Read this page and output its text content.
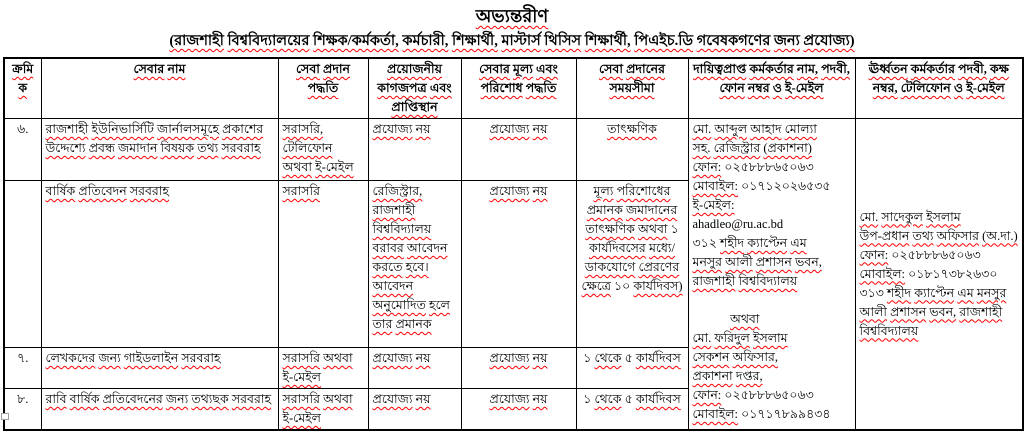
অভ্যন্তরীণ
(রাজশাহী বিশ্ববিদ্যালয়ের শিক্ষক/কর্মকর্তা, কর্মচারী, শিক্ষার্থী, মাস্টার্স থিসিস শিক্ষার্থী, পিএইচ.ডি গবেষকগণের জন্য প্রযোজ্য)
ক্রমিক	সেবার নাম	সেবা প্রদান পদ্ধতি	প্রয়োজনীয় কাগজপত্র এবং প্রাপ্তিস্থান	সেবার মূল্য এবং পরিশোধ পদ্ধতি	সেবা প্রদানের সময়সীমা	দায়িত্বপ্রাপ্ত কর্মকর্তার নাম, পদবী, ফোন নম্বর ও ই-মেইল	ঊর্ধ্বতন কর্মকর্তার পদবী, কক্ষ নম্বর, টেলিফোন ও ই-মেইল
৬.	রাজশাহী ইউনিভার্সিটি জার্নালসমূহে প্রকাশের উদ্দেশ্যে প্রবন্ধ জমাদান বিষয়ক তথ্য সরবরাহ	সরাসরি, টেলিফোন অথবা ই-মেইল	প্রযোজ্য নয়	প্রযোজ্য নয়	তাৎক্ষণিক	মো. আব্দুল আহাদ মোল্যা
সহ. রেজিস্ট্রার (প্রকাশনা)
ফোন: ০২৫৮৮৮৬৫০৬৩
মোবাইল: ০১৭১২০২৬৫৩৫
ই-মেইল:
ahadleo@ru.ac.bd
৩১২ শহীদ ক্যাপ্টেন এম
মনসুর আলী প্রশাসন ভবন,
রাজশাহী বিশ্ববিদ্যালয়

অথবা
মো. ফরিদুল ইসলাম
সেকশন অফিসার,
প্রকাশনা দপ্তর,
ফোন: ০২৫৮৮৮৬৫০৬৩
মোবাইল: ০১৭১৭৮৯৯৪৩৪	মো. সাদেকুল ইসলাম
উপ-প্রধান তথ্য অফিসার (অ.দা.)
ফোন: ০২৫৮৮৮৬৫০৬৩
মোবাইল: ০১৮১৭৩৮২৬৩০
৩১৩ শহীদ ক্যাপ্টেন এম মনসুর
আলী প্রশাসন ভবন, রাজশাহী
বিশ্ববিদ্যালয়
	বার্ষিক প্রতিবেদন সরবরাহ	সরাসরি	রেজিস্ট্রার, রাজশাহী বিশ্ববিদ্যালয় বরাবর আবেদন করতে হবে। আবেদন অনুমোদিত হলে তার প্রমানক	প্রযোজ্য নয়	মূল্য পরিশোধের প্রমানক জমাদানের তাৎক্ষণিক অথবা ১ কার্যদিবসের মধ্যে/ডাকযোগে প্রেরণের ক্ষেত্রে ১০ কার্যদিবস)		
৭.	লেখকদের জন্য গাইডলাইন সরবরাহ	সরাসরি অথবা ই-মেইল	প্রযোজ্য নয়	প্রযোজ্য নয়	১ থেকে ৫ কার্যদিবস		
৮.	রাবি বার্ষিক প্রতিবেদনের জন্য তথ্যছক সরবরাহ	সরাসরি অথবা ই-মেইল	প্রযোজ্য নয়	প্রযোজ্য নয়	১ থেকে ৫ কার্যদিবস		
